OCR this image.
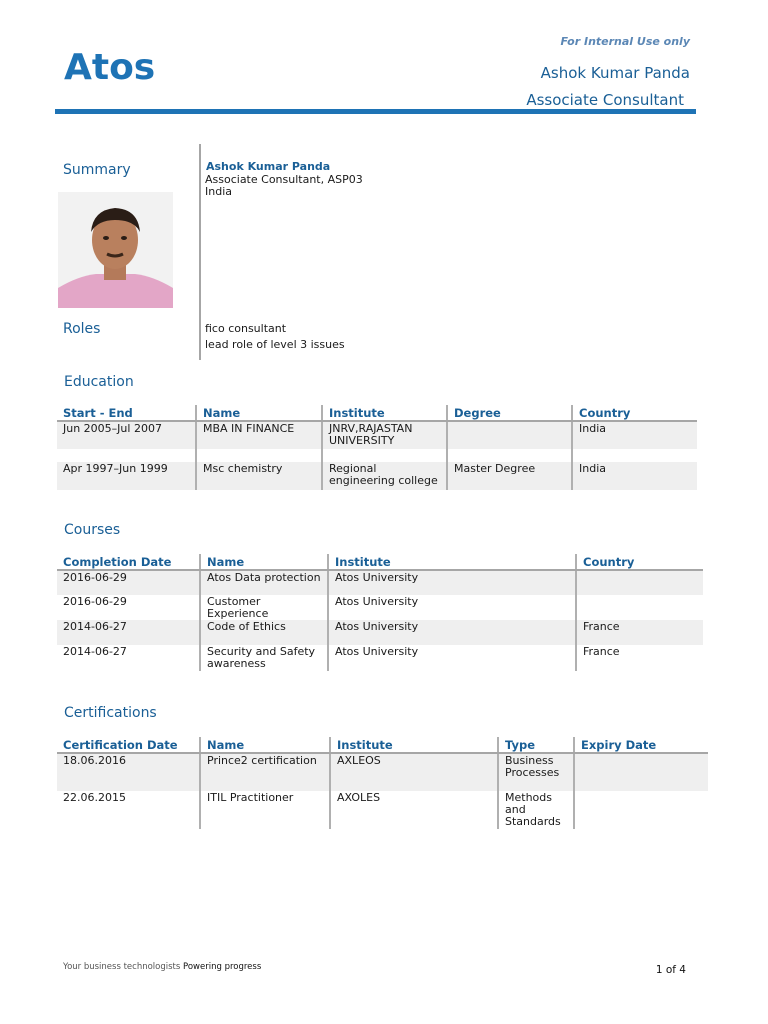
Atos
For Internal Use only
Ashok Kumar Panda
Associate Consultant
Summary	Ashok Kumar Panda
Associate Consultant, ASP03
India
Roles	fico consultant
lead role of level 3 issues
Education
Start - End	Name	Institute	Degree	Country
Jun 2005–Jul 2007	MBA IN FINANCE	JNRV,RAJASTAN UNIVERSITY		India

Apr 1997–Jun 1999	Msc chemistry	Regional engineering college	Master Degree	India

Courses
Completion Date	Name	Institute	Country
2016-06-29	Atos Data protection	Atos University	
2016-06-29	Customer Experience	Atos University	
2014-06-27	Code of Ethics	Atos University	France
2014-06-27	Security and Safety awareness	Atos University	France
Certifications
Certification Date	Name	Institute	Type	Expiry Date
18.06.2016	Prince2 certification	AXLEOS	Business Processes	
22.06.2015	ITIL Practitioner	AXOLES	Methods and Standards	
Your business technologists Powering progress	1 of 4
